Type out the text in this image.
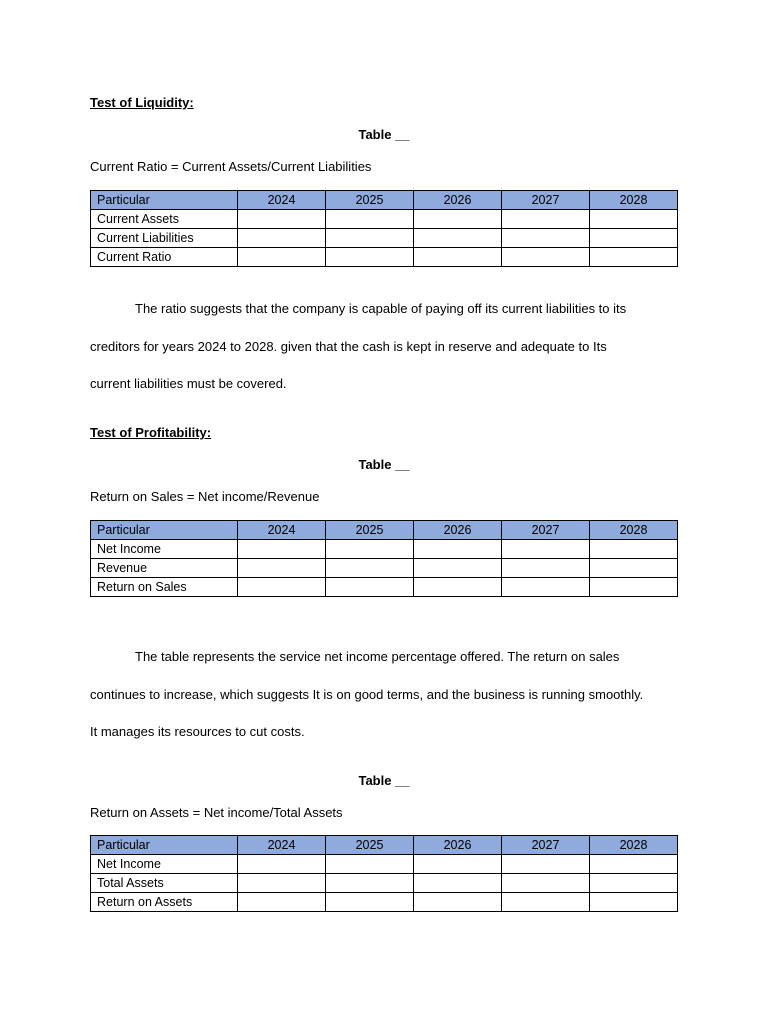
Test of Liquidity:
Table __
Current Ratio = Current Assets/Current Liabilities
Particular	2024	2025	2026	2027	2028
Current Assets					
Current Liabilities					
Current Ratio					
The ratio suggests that the company is capable of paying off its current liabilities to its
creditors for years 2024 to 2028. given that the cash is kept in reserve and adequate to Its
current liabilities must be covered.
Test of Profitability:
Table __
Return on Sales = Net income/Revenue
Particular	2024	2025	2026	2027	2028
Net Income					
Revenue					
Return on Sales					
The table represents the service net income percentage offered. The return on sales
continues to increase, which suggests It is on good terms, and the business is running smoothly.
It manages its resources to cut costs.
Table __
Return on Assets = Net income/Total Assets
Particular	2024	2025	2026	2027	2028
Net Income					
Total Assets					
Return on Assets					
